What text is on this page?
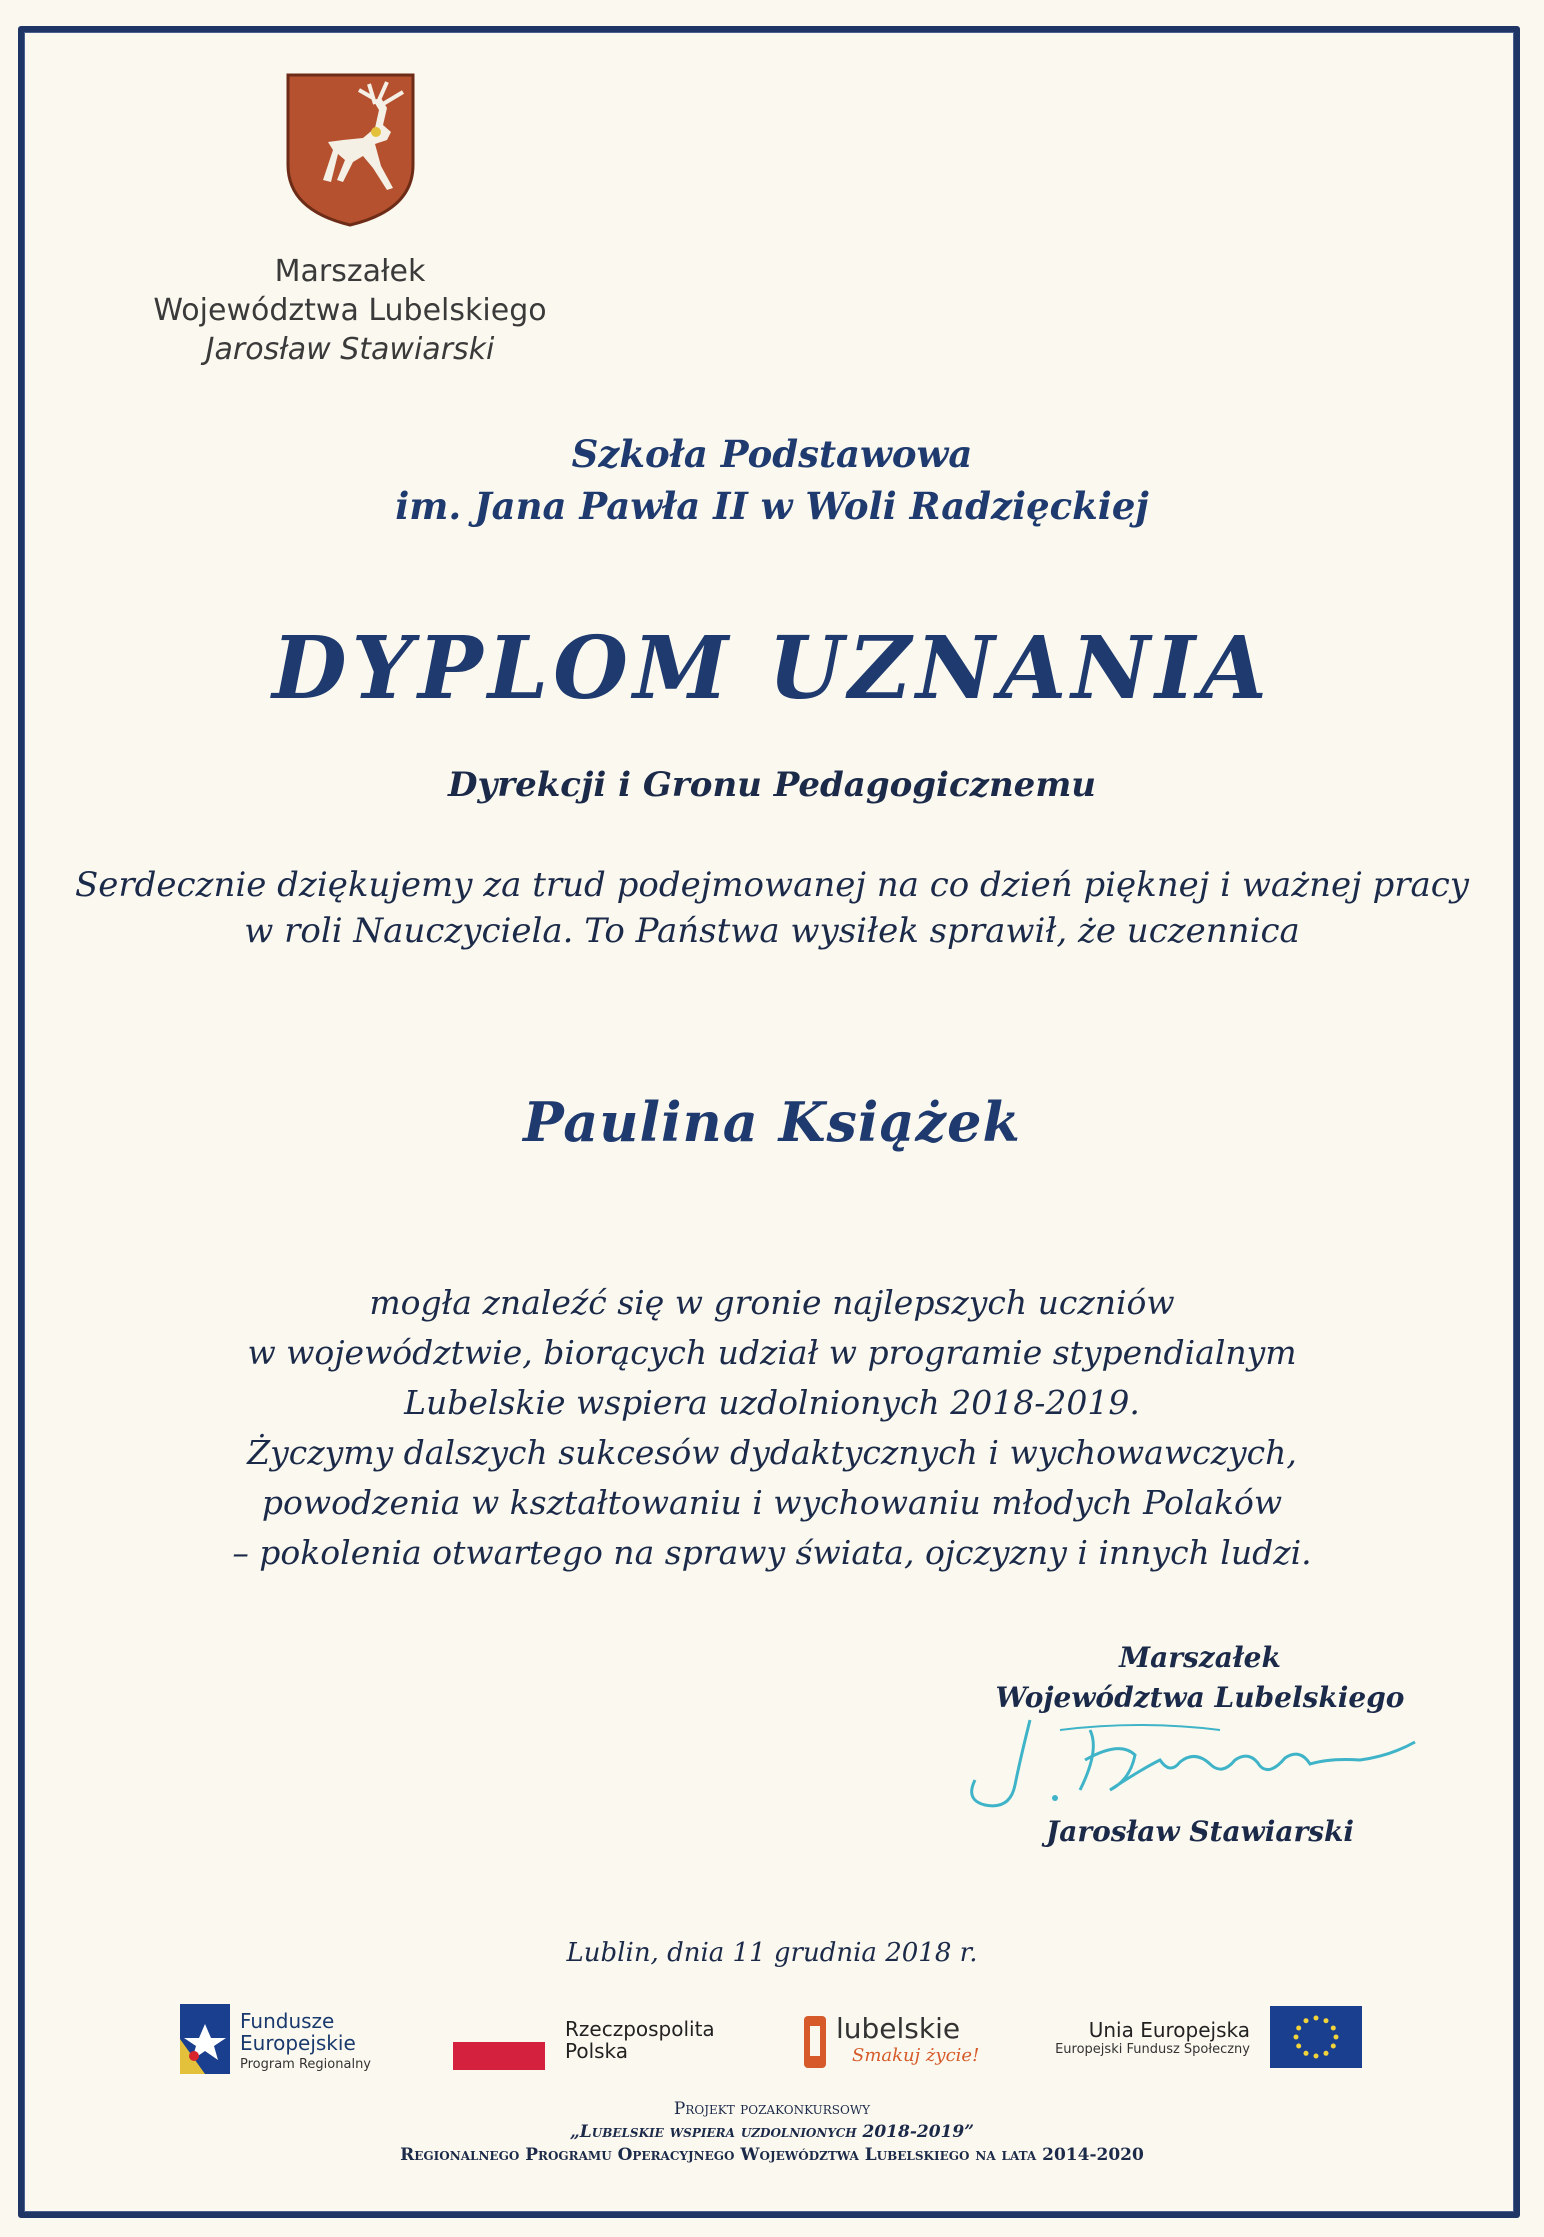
Marszałek
Województwa Lubelskiego
Jarosław Stawiarski
Szkoła Podstawowa
im. Jana Pawła II w Woli Radzięckiej
DYPLOM UZNANIA
Dyrekcji i Gronu Pedagogicznemu
Serdecznie dziękujemy za trud podejmowanej na co dzień pięknej i ważnej pracy
w roli Nauczyciela. To Państwa wysiłek sprawił, że uczennica
Paulina Książek
mogła znaleźć się w gronie najlepszych uczniów
w województwie, biorących udział w programie stypendialnym
Lubelskie wspiera uzdolnionych 2018-2019.
Życzymy dalszych sukcesów dydaktycznych i wychowawczych,
powodzenia w kształtowaniu i wychowaniu młodych Polaków
– pokolenia otwartego na sprawy świata, ojczyzny i innych ludzi.
Marszałek
Województwa Lubelskiego
Jarosław Stawiarski
Lublin, dnia 11 grudnia 2018 r.
Fundusze
Europejskie
Program Regionalny
Rzeczpospolita
Polska
lubelskie
Smakuj życie!
Unia Europejska
Europejski Fundusz Społeczny
Projekt pozakonkursowy
„Lubelskie wspiera uzdolnionych 2018-2019”
Regionalnego Programu Operacyjnego Województwa Lubelskiego na lata 2014-2020
